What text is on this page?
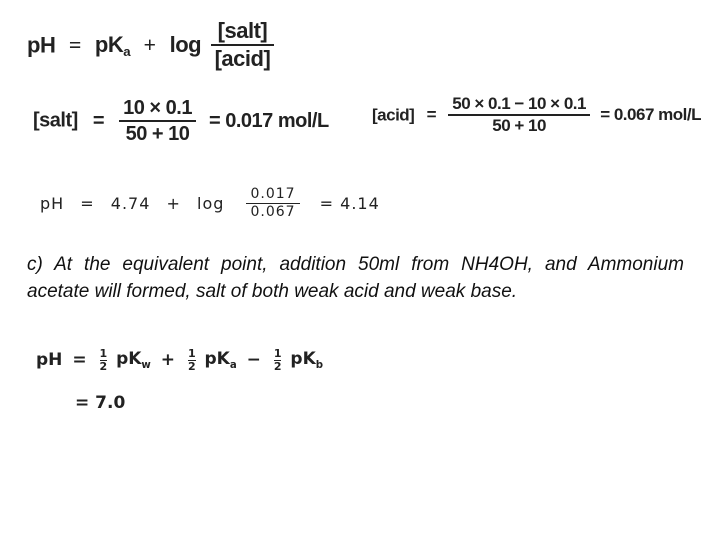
pH = $pK_a + \log \frac{\text{[salt]}}{\text{[acid]}}$
[salt] = $\frac{10 \times 0.1}{50 + 10} = 0.017$ mol/L	[acid] = $\frac{50 \times 0.1 - 10 \times 0.1}{50 + 10} = 0.067$ mol/L
pH = $4.74 + \log \frac{0.017}{0.067} = 4.14$
c) At the equivalent point, addition 50ml from NH4OH, and Ammonium acetate will formed, salt of both weak acid and weak base.
pH = $\frac{1}{2} pK_w + \frac{1}{2} pK_a - \frac{1}{2} pK_b$
= 7.0
